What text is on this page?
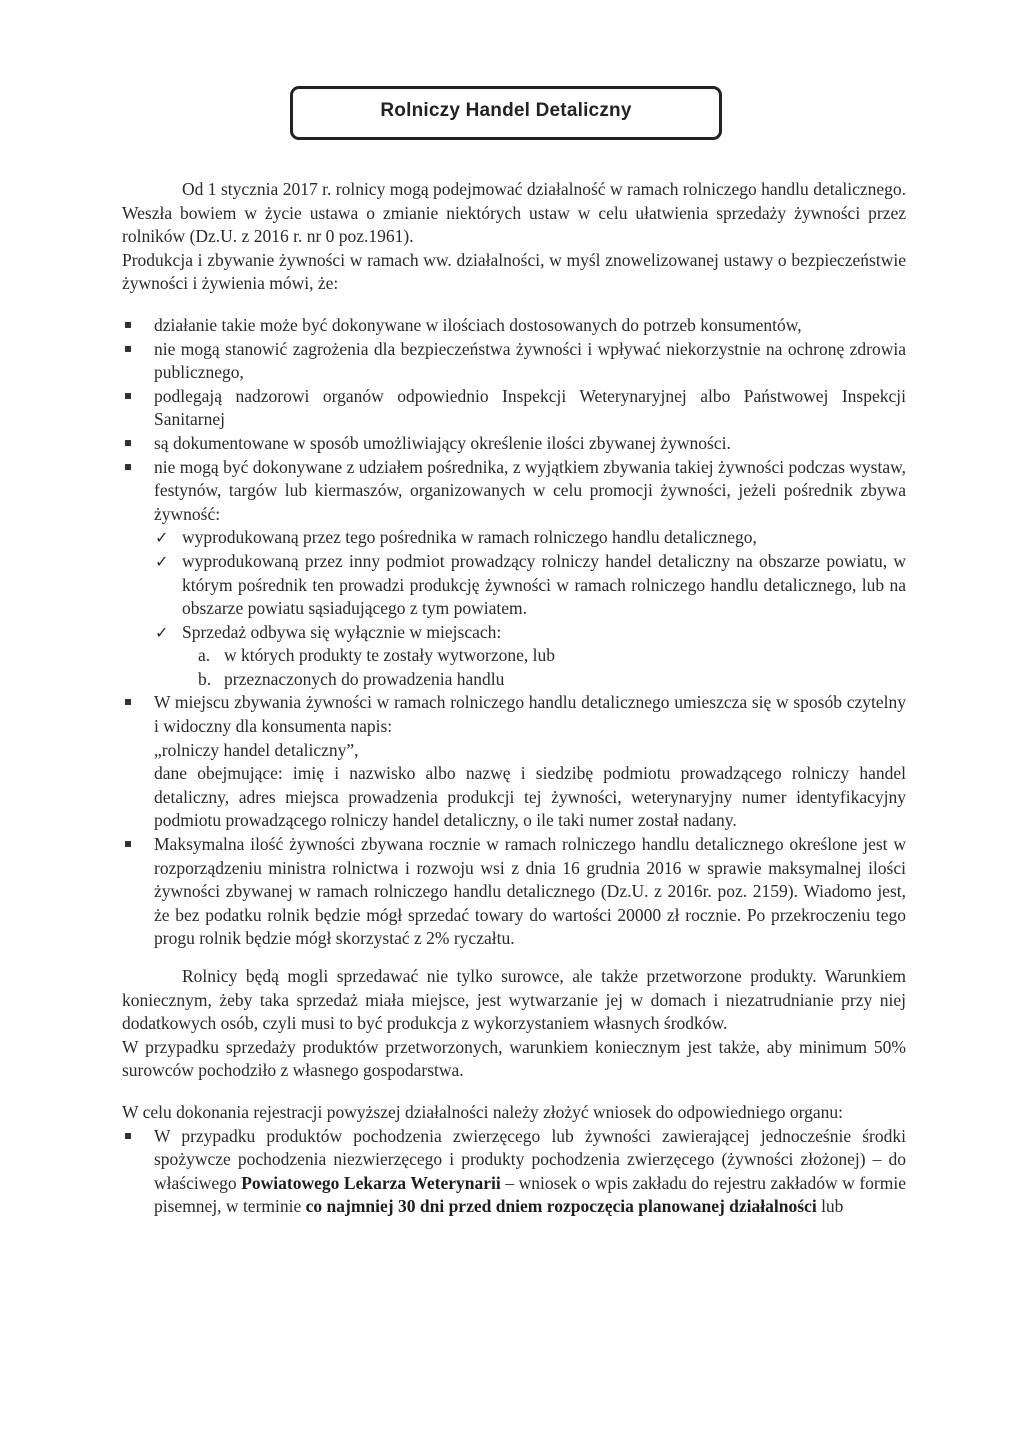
Rolniczy Handel Detaliczny

Od 1 stycznia 2017 r. rolnicy mogą podejmować działalność w ramach rolniczego handlu detalicznego. Weszła bowiem w życie ustawa o zmianie niektórych ustaw w celu ułatwienia sprzedaży żywności przez rolników (Dz.U. z 2016 r. nr 0 poz.1961).

Produkcja i zbywanie żywności w ramach ww. działalności, w myśl znowelizowanej ustawy o bezpieczeństwie żywności i żywienia mówi, że:

działanie takie może być dokonywane w ilościach dostosowanych do potrzeb konsumentów,
nie mogą stanowić zagrożenia dla bezpieczeństwa żywności i wpływać niekorzystnie na ochronę zdrowia publicznego,
podlegają nadzorowi organów odpowiednio Inspekcji Weterynaryjnej albo Państwowej Inspekcji Sanitarnej
są dokumentowane w sposób umożliwiający określenie ilości zbywanej żywności.
nie mogą być dokonywane z udziałem pośrednika, z wyjątkiem zbywania takiej żywności podczas wystaw, festynów, targów lub kiermaszów, organizowanych w celu promocji żywności, jeżeli pośrednik zbywa żywność:
✓ wyprodukowaną przez tego pośrednika w ramach rolniczego handlu detalicznego,
✓ wyprodukowaną przez inny podmiot prowadzący rolniczy handel detaliczny na obszarze powiatu, w którym pośrednik ten prowadzi produkcję żywności w ramach rolniczego handlu detalicznego, lub na obszarze powiatu sąsiadującego z tym powiatem.
✓ Sprzedaż odbywa się wyłącznie w miejscach:
a. w których produkty te zostały wytworzone, lub
b. przeznaczonych do prowadzenia handlu

W miejscu zbywania żywności w ramach rolniczego handlu detalicznego umieszcza się w sposób czytelny i widoczny dla konsumenta napis:

„rolniczy handel detaliczny”,

dane obejmujące: imię i nazwisko albo nazwę i siedzibę podmiotu prowadzącego rolniczy handel detaliczny, adres miejsca prowadzenia produkcji tej żywności, weterynaryjny numer identyfikacyjny podmiotu prowadzącego rolniczy handel detaliczny, o ile taki numer został nadany.

Maksymalna ilość żywności zbywana rocznie w ramach rolniczego handlu detalicznego określone jest w rozporządzeniu ministra rolnictwa i rozwoju wsi z dnia 16 grudnia 2016 w sprawie maksymalnej ilości żywności zbywanej w ramach rolniczego handlu detalicznego (Dz.U. z 2016r. poz. 2159). Wiadomo jest, że bez podatku rolnik będzie mógł sprzedać towary do wartości 20000 zł rocznie. Po przekroczeniu tego progu rolnik będzie mógł skorzystać z 2% ryczałtu.

Rolnicy będą mogli sprzedawać nie tylko surowce, ale także przetworzone produkty. Warunkiem koniecznym, żeby taka sprzedaż miała miejsce, jest wytwarzanie jej w domach i niezatrudnianie przy niej dodatkowych osób, czyli musi to być produkcja z wykorzystaniem własnych środków.

W przypadku sprzedaży produktów przetworzonych, warunkiem koniecznym jest także, aby minimum 50% surowców pochodziło z własnego gospodarstwa.

W celu dokonania rejestracji powyższej działalności należy złożyć wniosek do odpowiedniego organu:

W przypadku produktów pochodzenia zwierzęcego lub żywności zawierającej jednocześnie środki spożywcze pochodzenia niezwierzęcego i produkty pochodzenia zwierzęcego (żywności złożonej) – do właściwego Powiatowego Lekarza Weterynarii – wniosek o wpis zakładu do rejestru zakładów w formie pisemnej, w terminie co najmniej 30 dni przed dniem rozpoczęcia planowanej działalności lub
